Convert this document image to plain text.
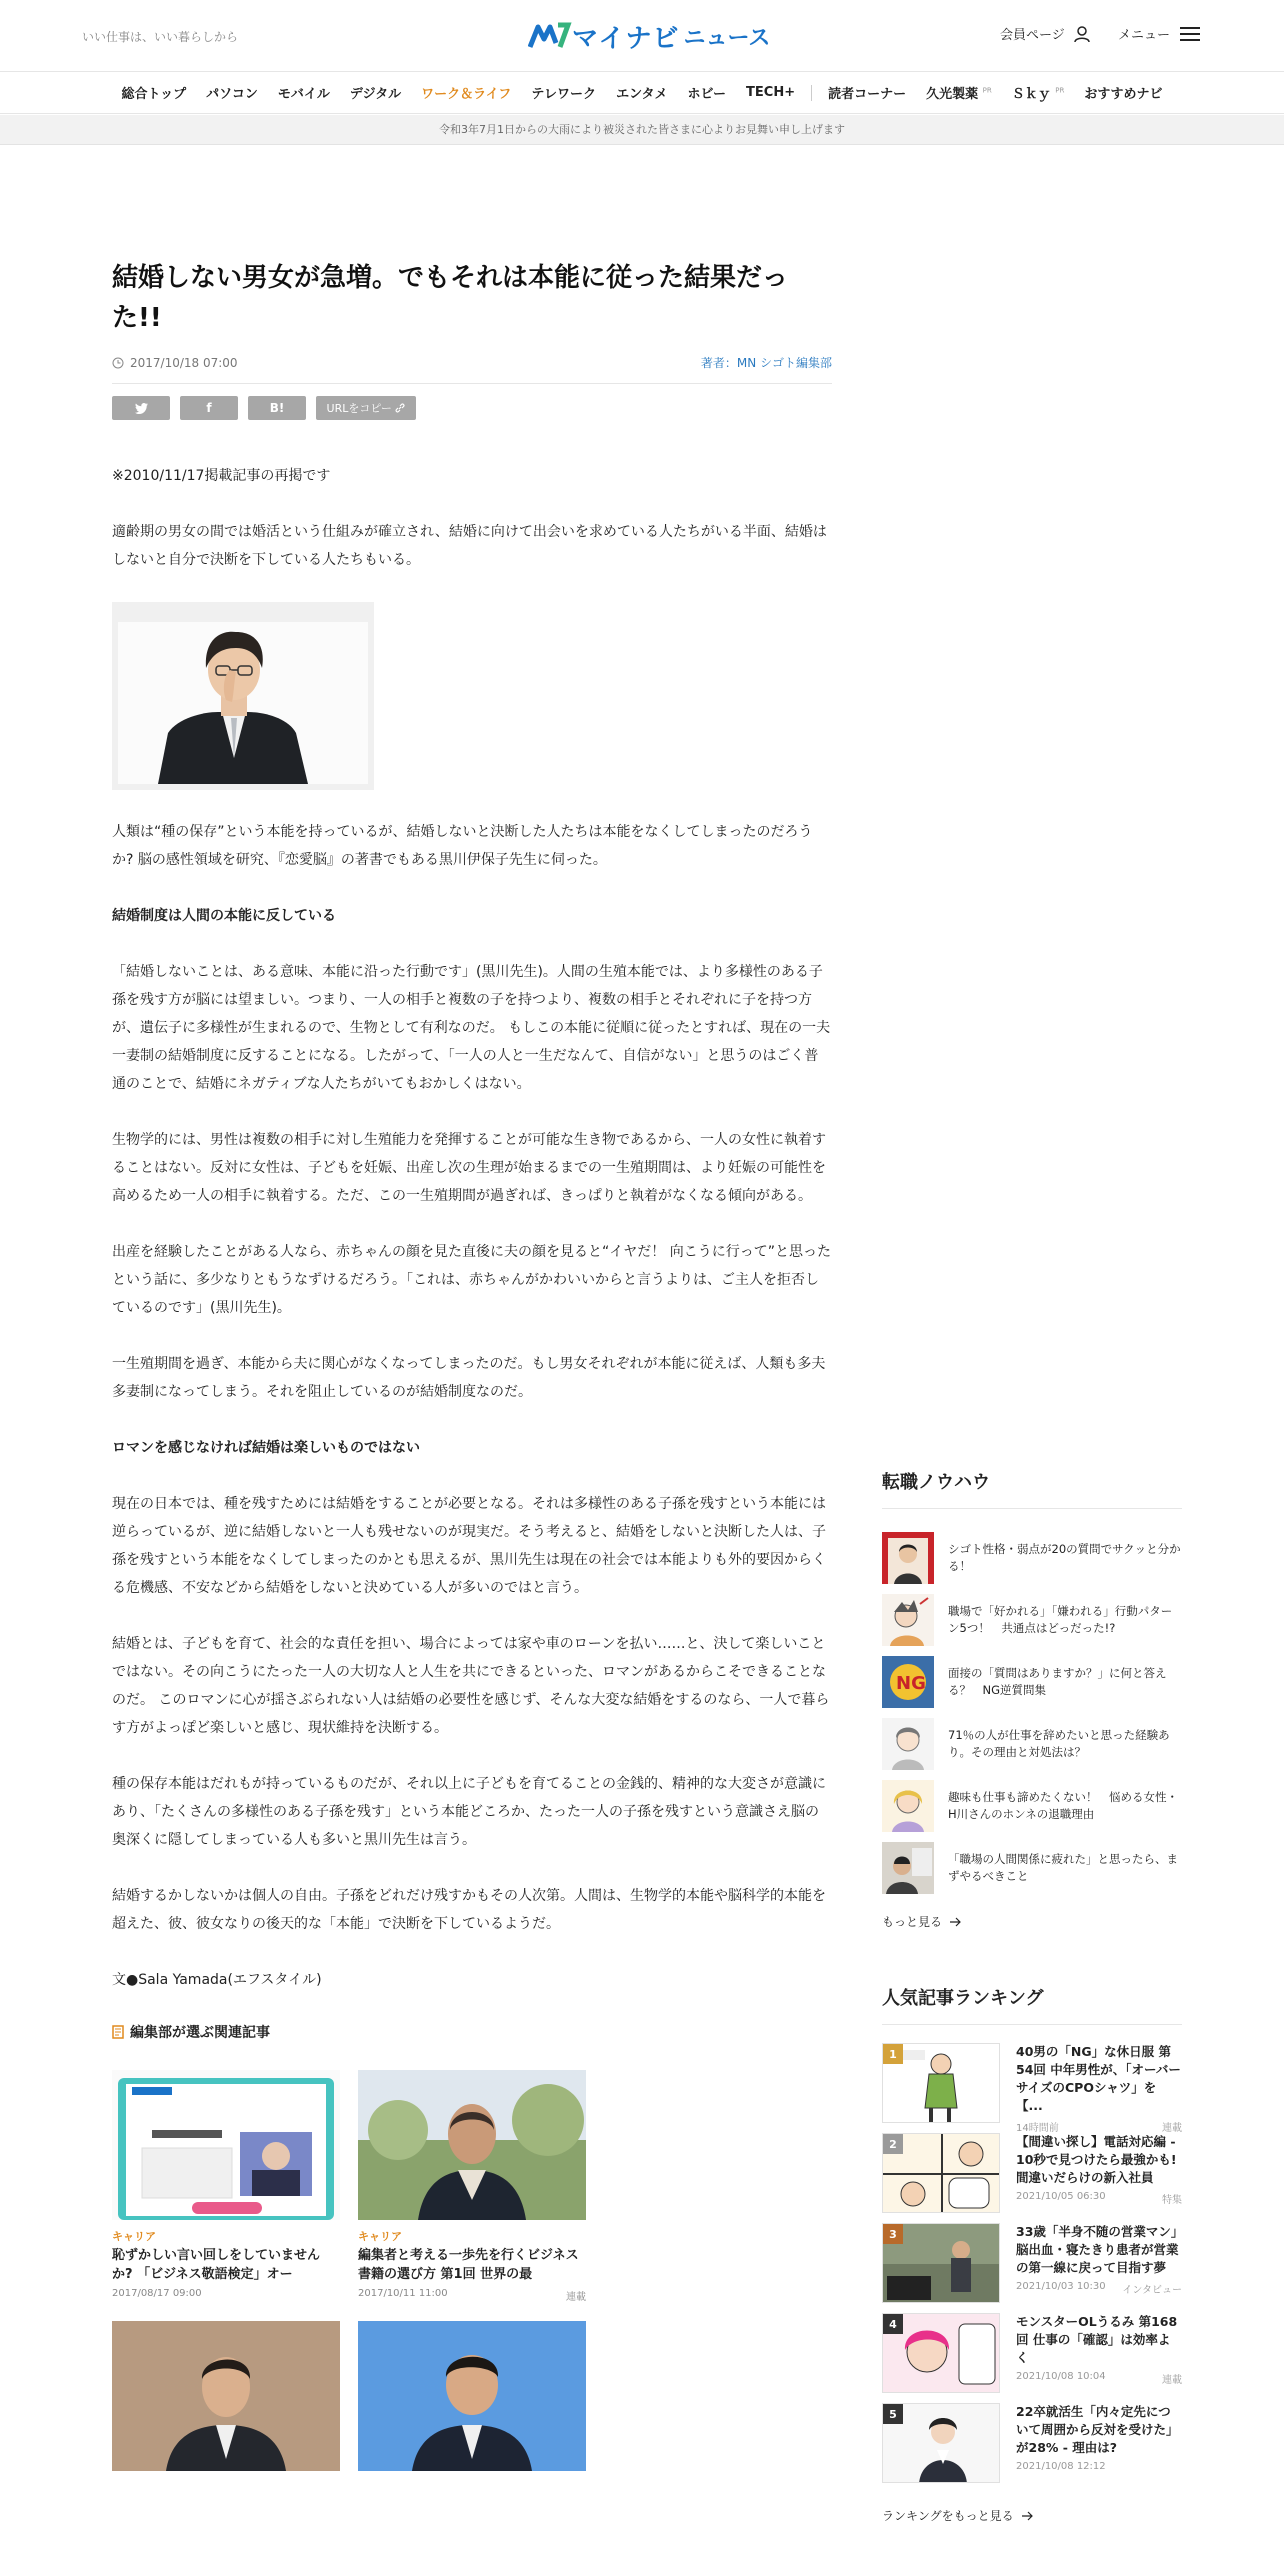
いい仕事は、いい暮らしから	マイナビ ニュース	会員ページ	メニュー
総合トップ	パソコン	モバイル	デジタル	ワーク＆ライフ	テレワーク	エンタメ	ホビー	TECH+	読者コーナー	久光製薬 $^{PR}$	Ｓｋｙ $^{PR}$	おすすめナビ
令和3年7月1日からの大雨により被災された皆さまに心よりお見舞い申し上げます
結婚しない男女が急増。でもそれは本能に従った結果だった!!
2017/10/18 07:00	著者：MN シゴト編集部
f	B!	URLをコピー

※2010/11/17掲載記事の再掲です

適齢期の男女の間では婚活という仕組みが確立され、結婚に向けて出会いを求めている人たちがいる半面、結婚はしないと自分で決断を下している人たちもいる。

人類は“種の保存”という本能を持っているが、結婚しないと決断した人たちは本能をなくしてしまったのだろうか? 脳の感性領域を研究、『恋愛脳』の著書でもある黒川伊保子先生に伺った。

結婚制度は人間の本能に反している

「結婚しないことは、ある意味、本能に沿った行動です」(黒川先生)。人間の生殖本能では、より多様性のある子孫を残す方が脳には望ましい。つまり、一人の相手と複数の子を持つより、複数の相手とそれぞれに子を持つ方が、遺伝子に多様性が生まれるので、生物として有利なのだ。 もしこの本能に従順に従ったとすれば、現在の一夫一妻制の結婚制度に反することになる。したがって、「一人の人と一生だなんて、自信がない」と思うのはごく普通のことで、結婚にネガティブな人たちがいてもおかしくはない。

生物学的には、男性は複数の相手に対し生殖能力を発揮することが可能な生き物であるから、一人の女性に執着することはない。反対に女性は、子どもを妊娠、出産し次の生理が始まるまでの一生殖期間は、より妊娠の可能性を高めるため一人の相手に執着する。ただ、この一生殖期間が過ぎれば、きっぱりと執着がなくなる傾向がある。

出産を経験したことがある人なら、赤ちゃんの顔を見た直後に夫の顔を見ると“イヤだ！ 向こうに行って”と思ったという話に、多少なりともうなずけるだろう。「これは、赤ちゃんがかわいいからと言うよりは、ご主人を拒否しているのです」(黒川先生)。

一生殖期間を過ぎ、本能から夫に関心がなくなってしまったのだ。もし男女それぞれが本能に従えば、人類も多夫多妻制になってしまう。それを阻止しているのが結婚制度なのだ。

ロマンを感じなければ結婚は楽しいものではない

現在の日本では、種を残すためには結婚をすることが必要となる。それは多様性のある子孫を残すという本能には逆らっているが、逆に結婚しないと一人も残せないのが現実だ。そう考えると、結婚をしないと決断した人は、子孫を残すという本能をなくしてしまったのかとも思えるが、黒川先生は現在の社会では本能よりも外的要因からくる危機感、不安などから結婚をしないと決めている人が多いのではと言う。

結婚とは、子どもを育て、社会的な責任を担い、場合によっては家や車のローンを払い……と、決して楽しいことではない。その向こうにたった一人の大切な人と人生を共にできるといった、ロマンがあるからこそできることなのだ。 このロマンに心が揺さぶられない人は結婚の必要性を感じず、そんな大変な結婚をするのなら、一人で暮らす方がよっぽど楽しいと感じ、現状維持を決断する。

種の保存本能はだれもが持っているものだが、それ以上に子どもを育てることの金銭的、精神的な大変さが意識にあり、「たくさんの多様性のある子孫を残す」という本能どころか、たった一人の子孫を残すという意識さえ脳の奥深くに隠してしまっている人も多いと黒川先生は言う。

結婚するかしないかは個人の自由。子孫をどれだけ残すかもその人次第。人間は、生物学的本能や脳科学的本能を超えた、彼、彼女なりの後天的な「本能」で決断を下しているようだ。

文●Sala Yamada(エフスタイル)

編集部が選ぶ関連記事
キャリア
恥ずかしい言い回しをしていませんか? 「ビジネス敬語検定」オー
2017/08/17 09:00
キャリア
編集者と考える一歩先を行くビジネス書籍の選び方 第1回 世界の最
2017/10/11 11:00	連載
転職ノウハウ
シゴト性格・弱点が20の質問でサクッと分かる！
職場で「好かれる」「嫌われる」行動パターン5つ！　共通点はどっだった!?
NG 面接の「質問はありますか？」に何と答える？　NG逆質問集
71％の人が仕事を辞めたいと思った経験あり。その理由と対処法は？
趣味も仕事も諦めたくない！　悩める女性・H川さんのホンネの退職理由
「職場の人間関係に疲れた」と思ったら、まずやるべきこと
もっと見る
人気記事ランキング
1	40男の「NG」な休日服 第54回 中年男性が、「オーバーサイズのCPOシャツ」を【...
14時間前	連載
2	【間違い探し】電話対応編 - 10秒で見つけたら最強かも! 間違いだらけの新入社員
2021/10/05 06:30	特集
3	33歳「半身不随の営業マン」脳出血・寝たきり患者が営業の第一線に戻って目指す夢
2021/10/03 10:30 インタビュー
4	モンスターOLうるみ 第168回 仕事の「確認」は効率よく
2021/10/08 10:04	連載
5	22卒就活生「内々定先について周囲から反対を受けた」が28% - 理由は?
2021/10/08 12:12
ランキングをもっと見る
